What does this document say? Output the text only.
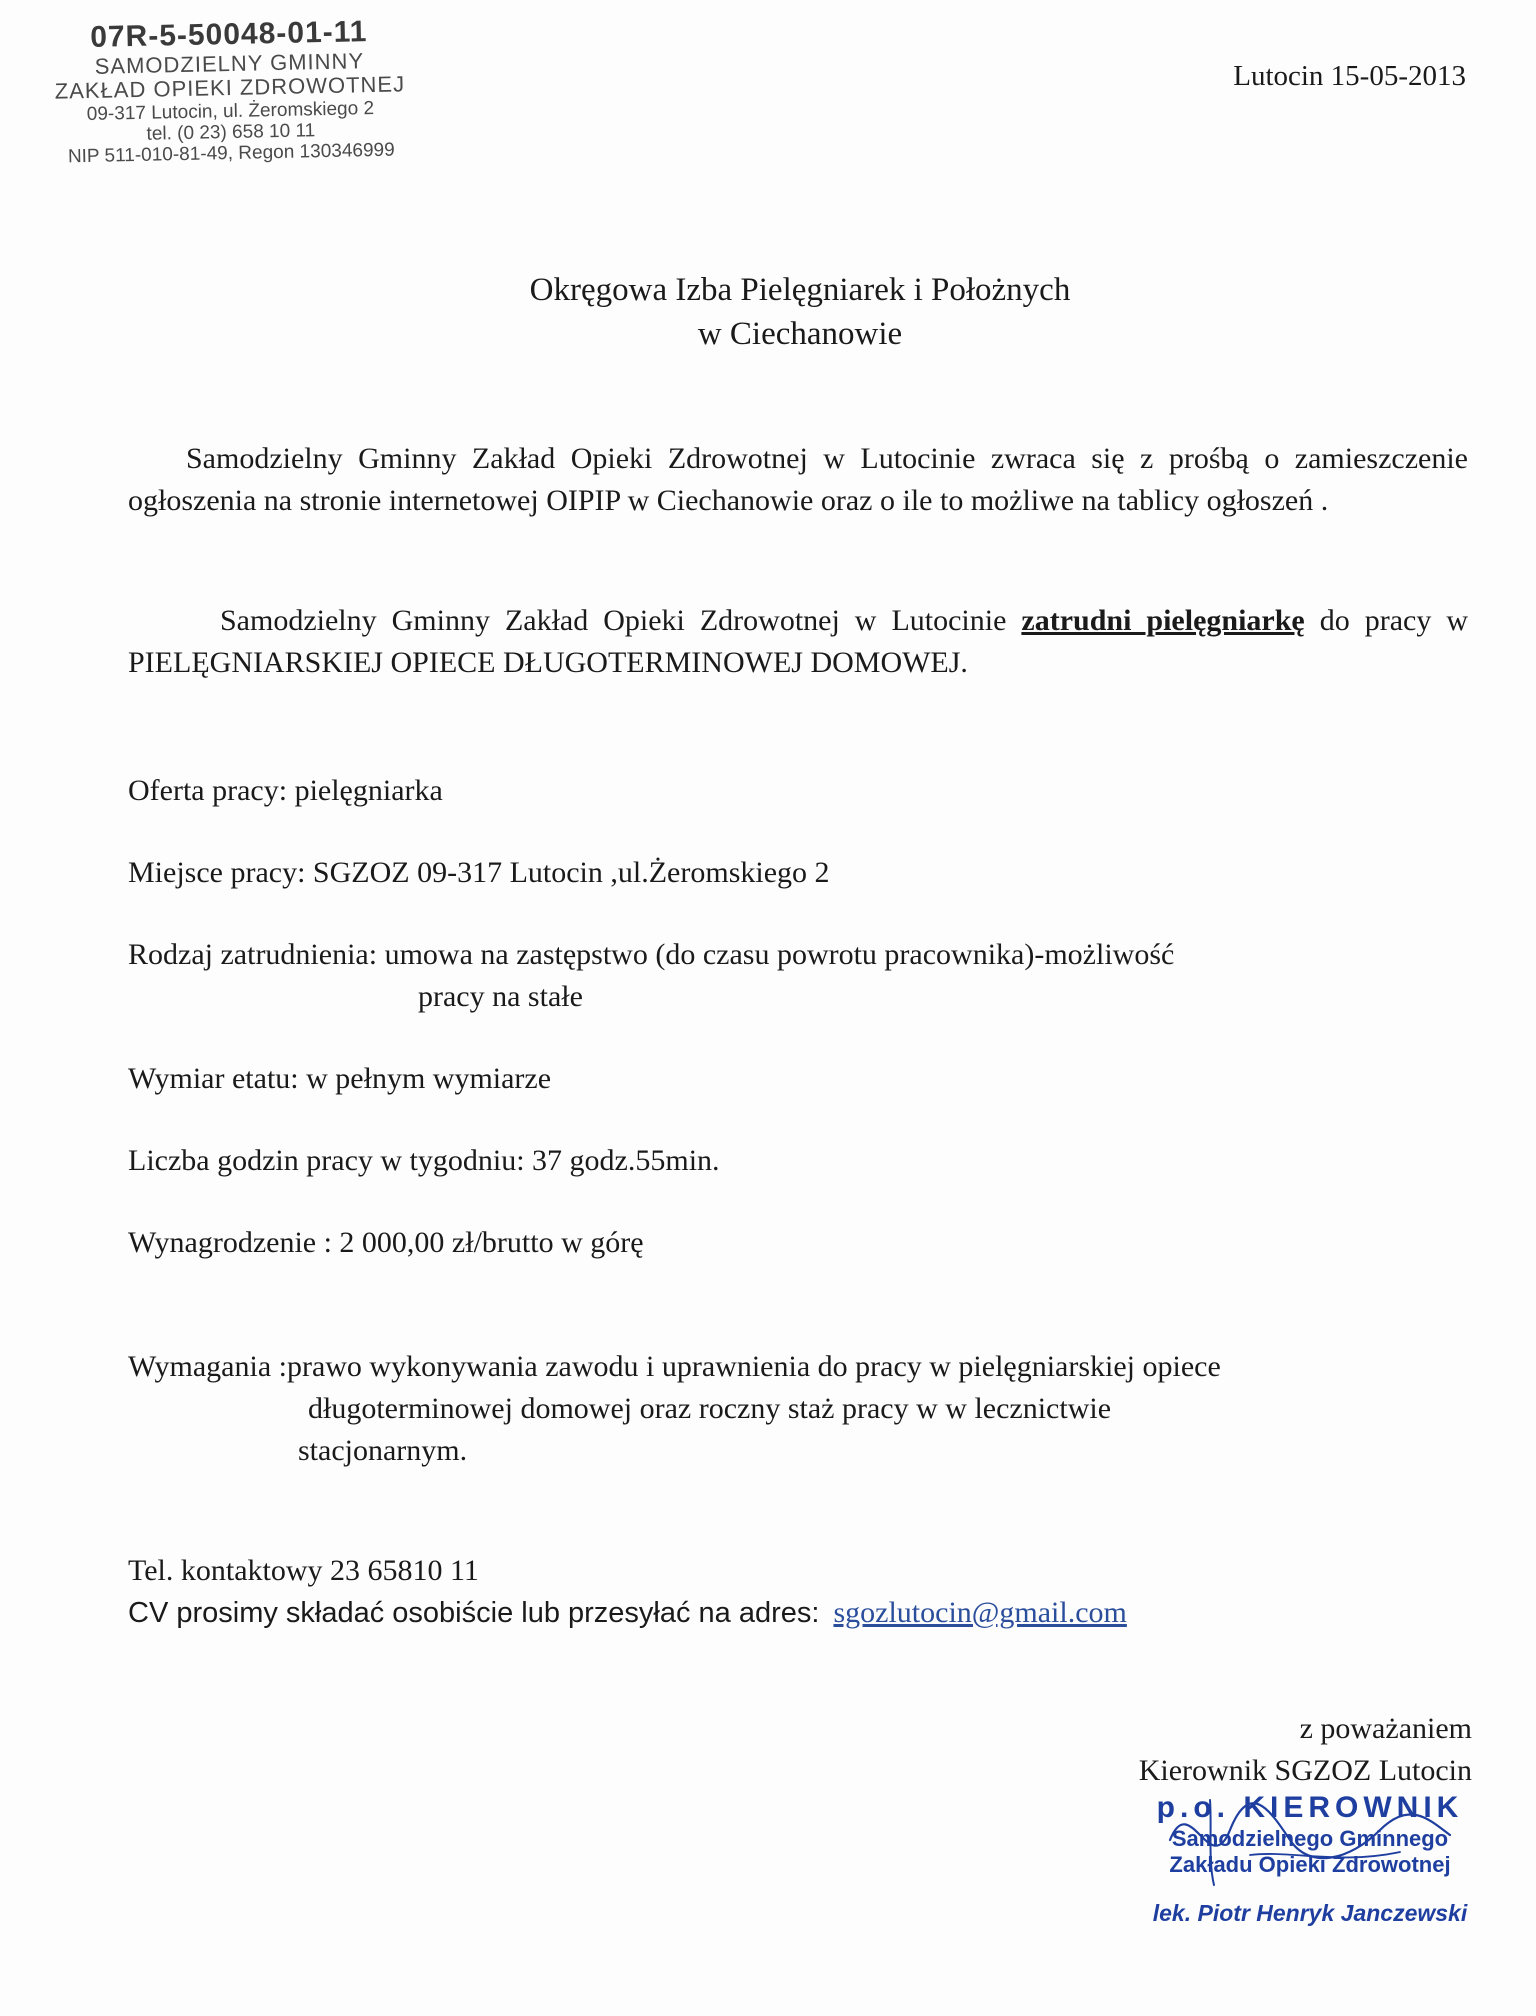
07R-5-50048-01-11
SAMODZIELNY GMINNY
ZAKŁAD OPIEKI ZDROWOTNEJ
09-317 Lutocin, ul. Żeromskiego 2
tel. (0 23) 658 10 11
NIP 511-010-81-49, Regon 130346999
Lutocin 15-05-2013
Okręgowa Izba Pielęgniarek i Położnych
w Ciechanowie
Samodzielny Gminny Zakład Opieki Zdrowotnej w Lutocinie zwraca się z prośbą o zamieszczenie ogłoszenia na stronie internetowej OIPIP w Ciechanowie oraz o ile to możliwe na tablicy ogłoszeń .
Samodzielny Gminny Zakład Opieki Zdrowotnej w Lutocinie zatrudni pielęgniarkę do pracy w PIELĘGNIARSKIEJ OPIECE DŁUGOTERMINOWEJ DOMOWEJ.
Oferta pracy: pielęgniarka
Miejsce pracy: SGZOZ 09-317 Lutocin ,ul.Żeromskiego 2
Rodzaj zatrudnienia: umowa na zastępstwo (do czasu powrotu pracownika)-możliwość
pracy na stałe
Wymiar etatu: w pełnym wymiarze
Liczba godzin pracy w tygodniu: 37 godz.55min.
Wynagrodzenie : 2 000,00 zł/brutto w górę
Wymagania :prawo wykonywania zawodu i uprawnienia do pracy w pielęgniarskiej opiece
długoterminowej domowej oraz roczny staż pracy w w lecznictwie
stacjonarnym.
Tel. kontaktowy 23 65810 11
CV prosimy składać osobiście lub przesyłać na adres: sgozlutocin@gmail.com
z poważaniem
Kierownik SGZOZ Lutocin
p.o. KIEROWNIK
Samodzielnego Gminnego
Zakładu Opieki Zdrowotnej
lek. Piotr Henryk Janczewski
